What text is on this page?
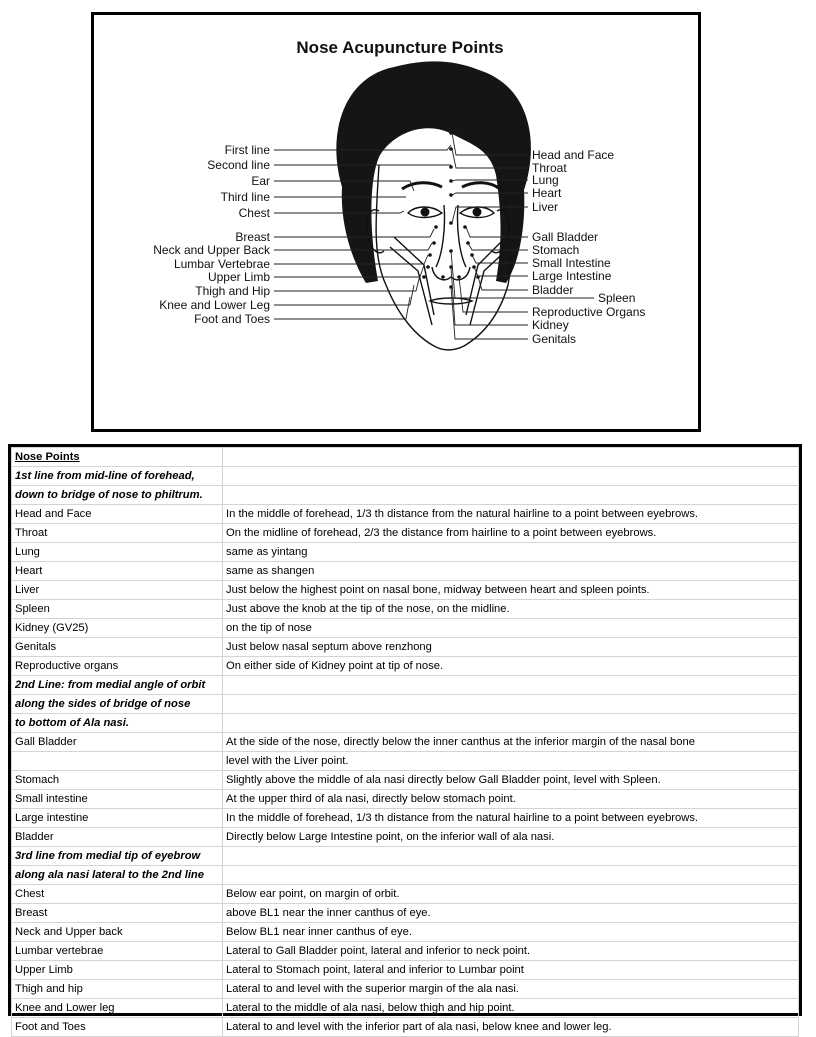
Nose Acupuncture Points
First line
Second line
Ear
Third line
Chest
Breast
Neck and Upper Back
Lumbar Vertebrae
Upper Limb
Thigh and Hip
Knee and Lower Leg
Foot and Toes
Head and Face
Throat
Lung
Heart
Liver
Gall Bladder
Stomach
Small Intestine
Large Intestine
Bladder
Spleen
Reproductive Organs
Kidney
Genitals
Nose Points	
1st line from mid-line of forehead,	
down to bridge of nose to philtrum.	
Head and Face	In the middle of forehead, 1/3 th distance from the natural hairline to a point between eyebrows.
Throat	On the midline of forehead, 2/3 the distance from hairline to a point between eyebrows.
Lung	same as yintang
Heart	same as shangen
Liver	Just below the highest point on nasal bone, midway between heart and spleen points.
Spleen	Just above the knob at the tip of the nose, on the midline.
Kidney (GV25)	on the tip of nose
Genitals	Just below nasal septum above renzhong
Reproductive organs	On either side of Kidney point at tip of nose.
2nd Line: from medial angle of orbit	
along the sides of bridge of nose	
to bottom of Ala nasi.	
Gall Bladder	At the side of the nose, directly below the inner canthus at the inferior margin of the nasal bone
	level with the Liver point.
Stomach	Slightly above the middle of ala nasi directly below Gall Bladder point, level with Spleen.
Small intestine	At the upper third of ala nasi, directly below stomach point.
Large intestine	In the middle of forehead, 1/3 th distance from the natural hairline to a point between eyebrows.
Bladder	Directly below Large Intestine point, on the inferior wall of ala nasi.
3rd line from medial tip of eyebrow	
along ala nasi lateral to the 2nd line	
Chest	Below ear point, on margin of orbit.
Breast	above BL1 near the inner canthus of eye.
Neck and Upper back	Below BL1 near inner canthus of eye.
Lumbar vertebrae	Lateral to Gall Bladder point, lateral and inferior to neck point.
Upper Limb	Lateral to Stomach point, lateral and inferior to Lumbar point
Thigh and hip	Lateral to and level with the superior margin of the ala nasi.
Knee and Lower leg	Lateral to the middle of ala nasi, below thigh and hip point.
Foot and Toes	Lateral to and level with the inferior part of ala nasi, below knee and lower leg.
